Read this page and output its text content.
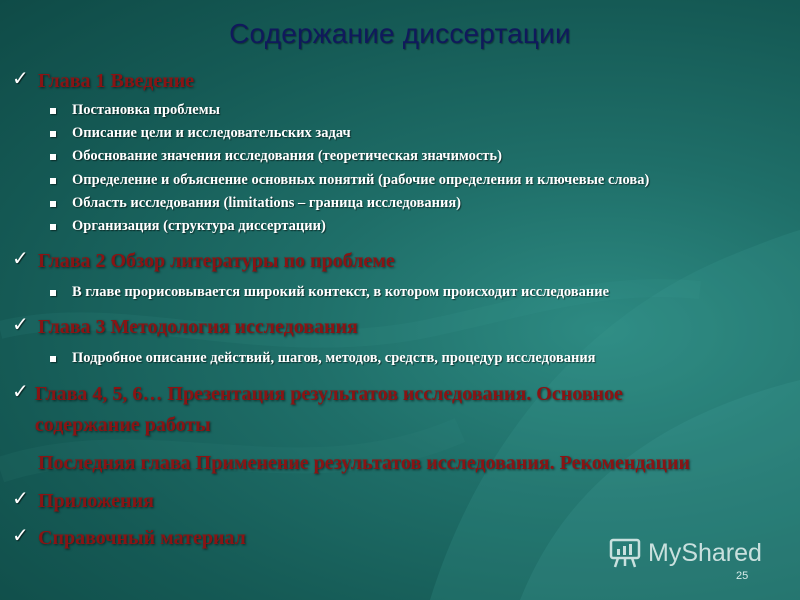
Содержание диссертации
✓ Глава 1 Введение
Постановка проблемы
Описание цели и исследовательских задач
Обоснование значения исследования (теоретическая значимость)
Определение и объяснение основных понятий (рабочие определения и ключевые слова)
Область исследования (limitations – граница исследования)
Организация (структура диссертации)
✓ Глава 2 Обзор литературы по проблеме
В главе прорисовывается широкий контекст, в котором происходит исследование
✓ Глава 3 Методология исследования
Подробное описание действий, шагов, методов, средств, процедур исследования
✓ Глава 4, 5, 6… Презентация результатов исследования. Основное содержание работы
Последняя глава Применение результатов исследования. Рекомендации
✓ Приложения
✓ Справочный материал
MyShared
25
